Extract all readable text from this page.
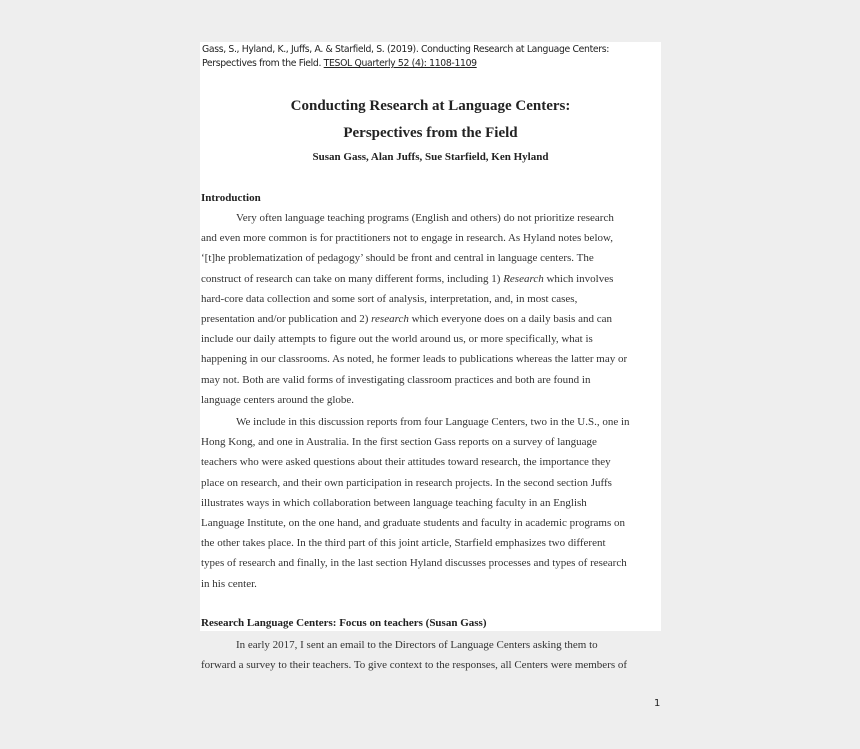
Gass, S., Hyland, K., Juffs, A. & Starfield, S. (2019). Conducting Research at Language Centers:
Perspectives from the Field. TESOL Quarterly 52 (4): 1108-1109
Conducting Research at Language Centers:
Perspectives from the Field
Susan Gass, Alan Juffs, Sue Starfield, Ken Hyland
Introduction
Very often language teaching programs (English and others) do not prioritize research
and even more common is for practitioners not to engage in research. As Hyland notes below,
‘[t]he problematization of pedagogy’ should be front and central in language centers. The
construct of research can take on many different forms, including 1) Research which involves
hard-core data collection and some sort of analysis, interpretation, and, in most cases,
presentation and/or publication and 2) research which everyone does on a daily basis and can
include our daily attempts to figure out the world around us, or more specifically, what is
happening in our classrooms. As noted, he former leads to publications whereas the latter may or
may not. Both are valid forms of investigating classroom practices and both are found in
language centers around the globe.
We include in this discussion reports from four Language Centers, two in the U.S., one in
Hong Kong, and one in Australia. In the first section Gass reports on a survey of language
teachers who were asked questions about their attitudes toward research, the importance they
place on research, and their own participation in research projects. In the second section Juffs
illustrates ways in which collaboration between language teaching faculty in an English
Language Institute, on the one hand, and graduate students and faculty in academic programs on
the other takes place. In the third part of this joint article, Starfield emphasizes two different
types of research and finally, in the last section Hyland discusses processes and types of research
in his center.
Research Language Centers: Focus on teachers (Susan Gass)
In early 2017, I sent an email to the Directors of Language Centers asking them to
forward a survey to their teachers. To give context to the responses, all Centers were members of
1
